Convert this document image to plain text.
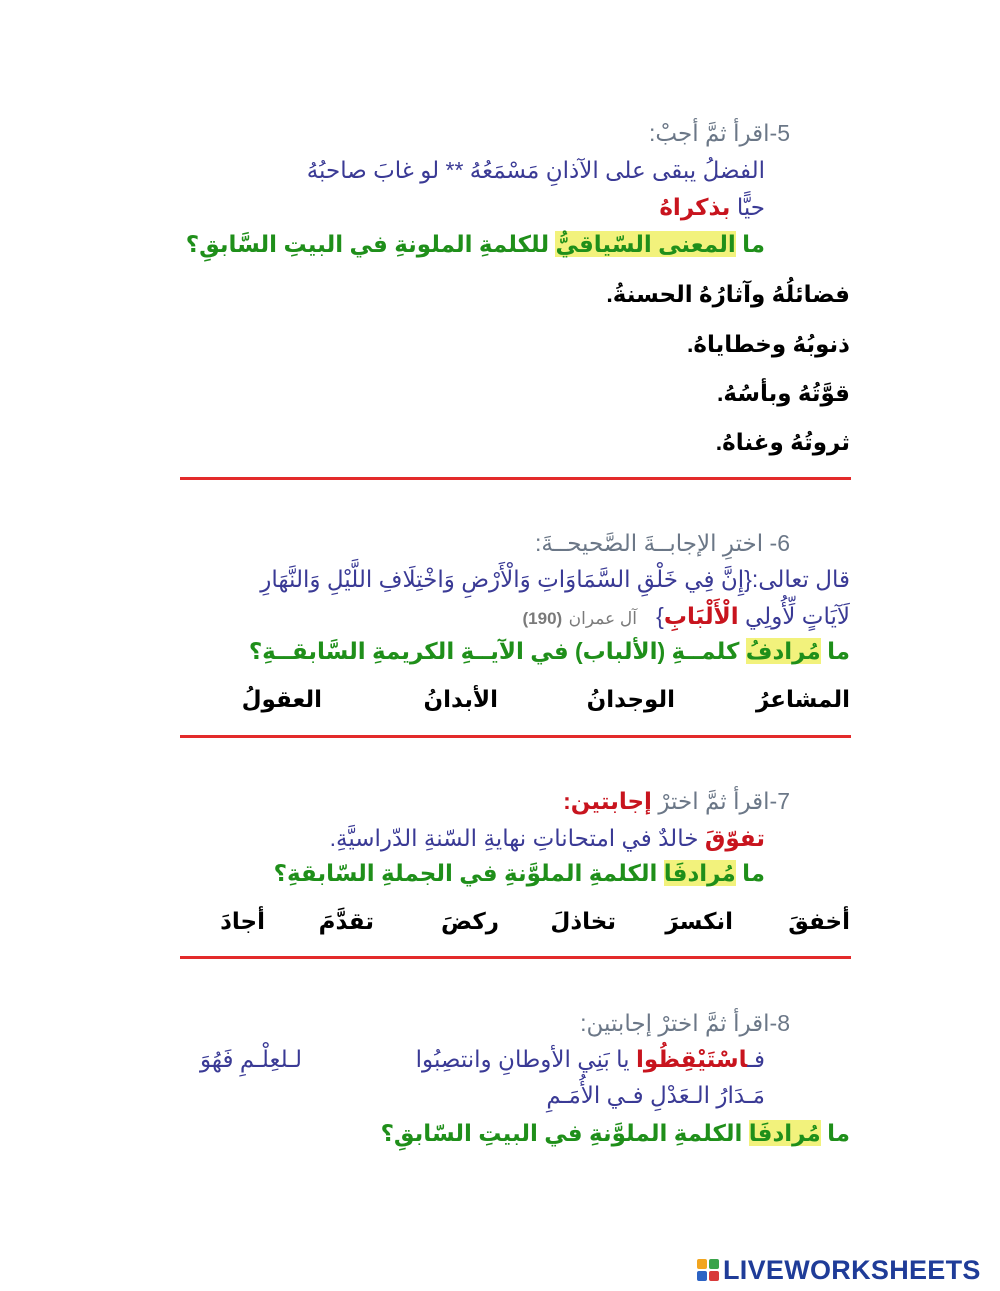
5-اقرأ ثمَّ أجبْ:
الفضلُ يبقى على الآذانِ مَسْمَعُهُ ** لو غابَ صاحبُهُ
حيًّا بذكراهُ
ما المعنى السّياقيُّ للكلمةِ الملونةِ في البيتِ السَّابقِ؟
فضائلُهُ وآثارُهُ الحسنةُ.
ذنوبُهُ وخطاياهُ.
قوَّتُهُ وبأسُهُ.
ثروتُهُ وغناهُ.
6- اخترِ الإجابــةَ الصَّحيحــةَ:
قال تعالى:{إِنَّ فِي خَلْقِ السَّمَاوَاتِ وَالْأَرْضِ وَاخْتِلَافِ اللَّيْلِ وَالنَّهَارِ
لَآيَاتٍ لِّأُولِي الْأَلْبَابِ}   آل عمران (190)
ما مُرادفُ كلمــةِ (الألباب) في الآيــةِ الكريمةِ السَّابقــةِ؟
المشاعرُ
الوجدانُ
الأبدانُ
العقولُ
7-اقرأ ثمَّ اخترْ إجابتين:
تفوّقَ خالدٌ في امتحاناتِ نهايةِ السّنةِ الدّراسيَّةِ.
ما مُرادفَا الكلمةِ الملوَّنةِ في الجملةِ السّابقةِ؟
أخفقَ
انكسرَ
تخاذلَ
ركضَ
تقدَّمَ
أجادَ
8-اقرأ ثمَّ اخترْ إجابتين:
فـاسْتَيْقِظُوا يا بَنِي الأوطانِ وانتصِبُوا
لـلعِلْـمِ فَهُوَ
مَـدَارُ الـعَدْلِ فـي الأُمَـمِ
ما مُرادفَا الكلمةِ الملوَّنةِ في البيتِ السّابقِ؟
LIVEWORKSHEETS
